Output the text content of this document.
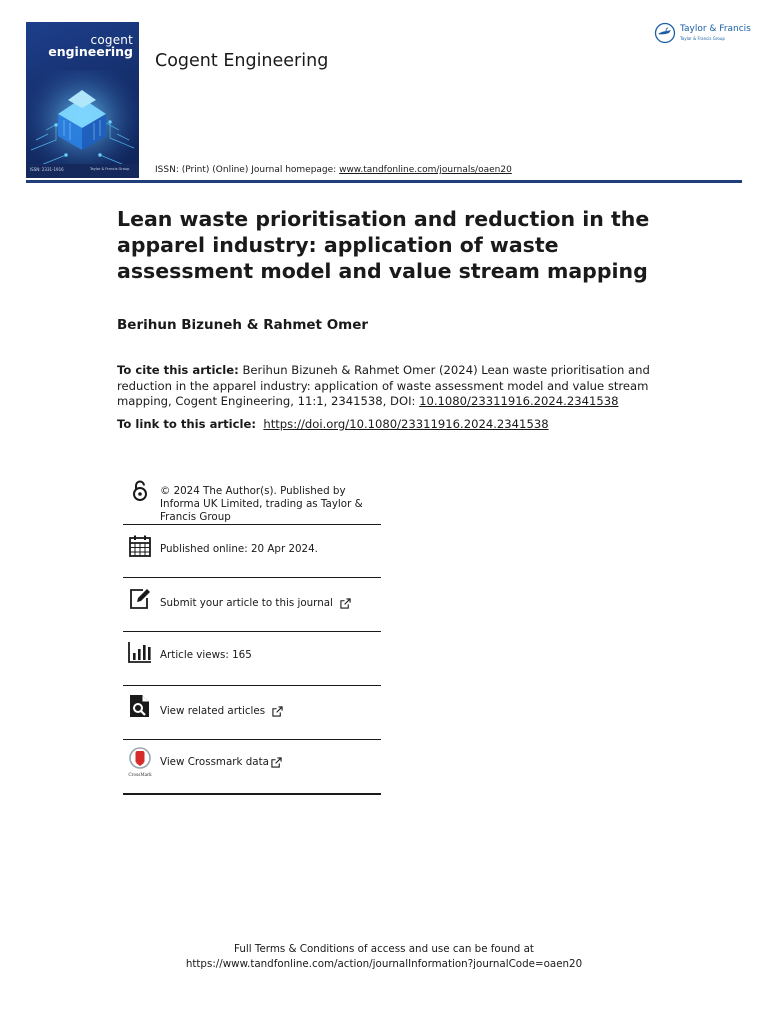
cogent
engineering
ISSN: 2331-1916	Taylor & Francis Group
Cogent Engineering
ISSN: (Print) (Online) Journal homepage: www.tandfonline.com/journals/oaen20
Taylor & Francis
Taylor & Francis Group
Lean waste prioritisation and reduction in the apparel industry: application of waste assessment model and value stream mapping
Berihun Bizuneh & Rahmet Omer
To cite this article: Berihun Bizuneh & Rahmet Omer (2024) Lean waste prioritisation and reduction in the apparel industry: application of waste assessment model and value stream mapping, Cogent Engineering, 11:1, 2341538, DOI: 10.1080/23311916.2024.2341538
To link to this article: https://doi.org/10.1080/23311916.2024.2341538
© 2024 The Author(s). Published by Informa UK Limited, trading as Taylor & Francis Group
Published online: 20 Apr 2024.
Submit your article to this journal
Article views: 165
View related articles
CrossMark
View Crossmark data
Full Terms & Conditions of access and use can be found at
https://www.tandfonline.com/action/journalInformation?journalCode=oaen20
